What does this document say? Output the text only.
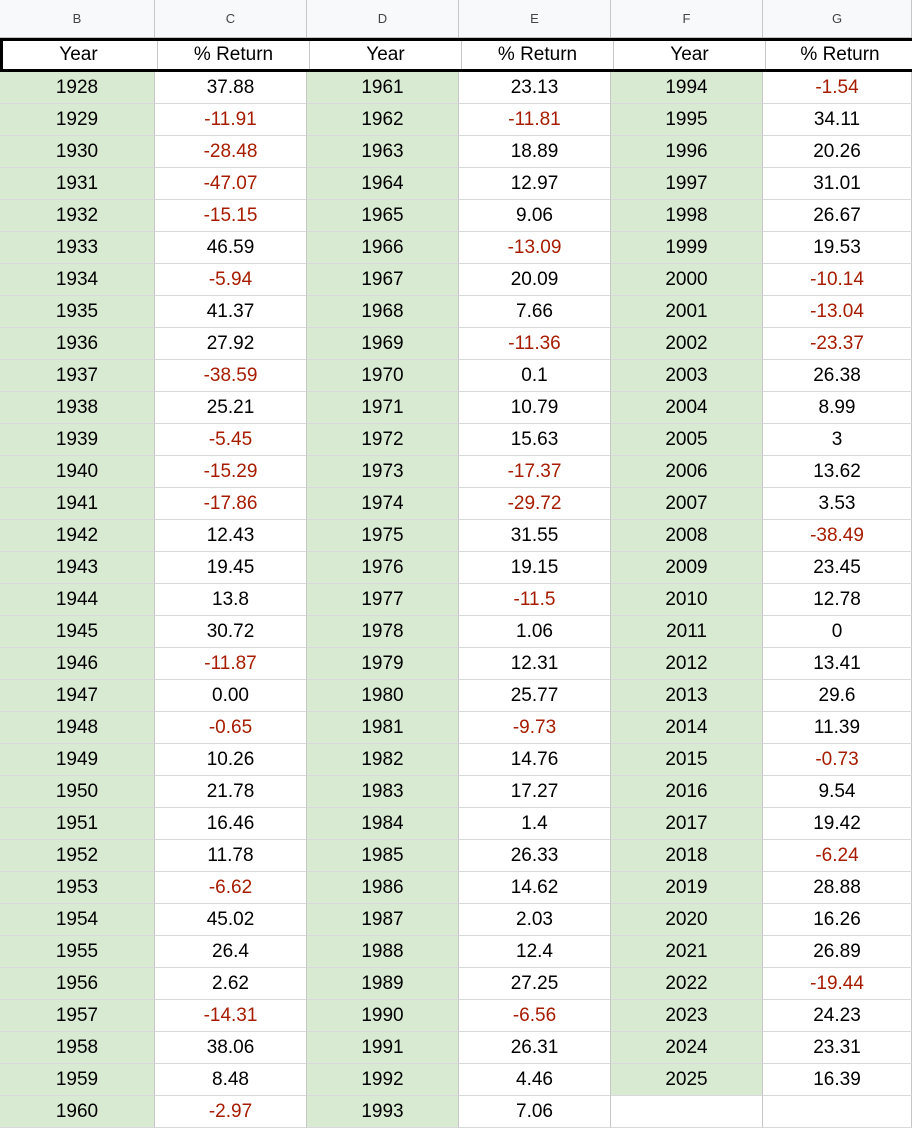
B	C	D	E	F	G
Year	% Return	Year	% Return	Year	% Return
1928	37.88	1961	23.13	1994	-1.54
1929	-11.91	1962	-11.81	1995	34.11
1930	-28.48	1963	18.89	1996	20.26
1931	-47.07	1964	12.97	1997	31.01
1932	-15.15	1965	9.06	1998	26.67
1933	46.59	1966	-13.09	1999	19.53
1934	-5.94	1967	20.09	2000	-10.14
1935	41.37	1968	7.66	2001	-13.04
1936	27.92	1969	-11.36	2002	-23.37
1937	-38.59	1970	0.1	2003	26.38
1938	25.21	1971	10.79	2004	8.99
1939	-5.45	1972	15.63	2005	3
1940	-15.29	1973	-17.37	2006	13.62
1941	-17.86	1974	-29.72	2007	3.53
1942	12.43	1975	31.55	2008	-38.49
1943	19.45	1976	19.15	2009	23.45
1944	13.8	1977	-11.5	2010	12.78
1945	30.72	1978	1.06	2011	0
1946	-11.87	1979	12.31	2012	13.41
1947	0.00	1980	25.77	2013	29.6
1948	-0.65	1981	-9.73	2014	11.39
1949	10.26	1982	14.76	2015	-0.73
1950	21.78	1983	17.27	2016	9.54
1951	16.46	1984	1.4	2017	19.42
1952	11.78	1985	26.33	2018	-6.24
1953	-6.62	1986	14.62	2019	28.88
1954	45.02	1987	2.03	2020	16.26
1955	26.4	1988	12.4	2021	26.89
1956	2.62	1989	27.25	2022	-19.44
1957	-14.31	1990	-6.56	2023	24.23
1958	38.06	1991	26.31	2024	23.31
1959	8.48	1992	4.46	2025	16.39
1960	-2.97	1993	7.06
